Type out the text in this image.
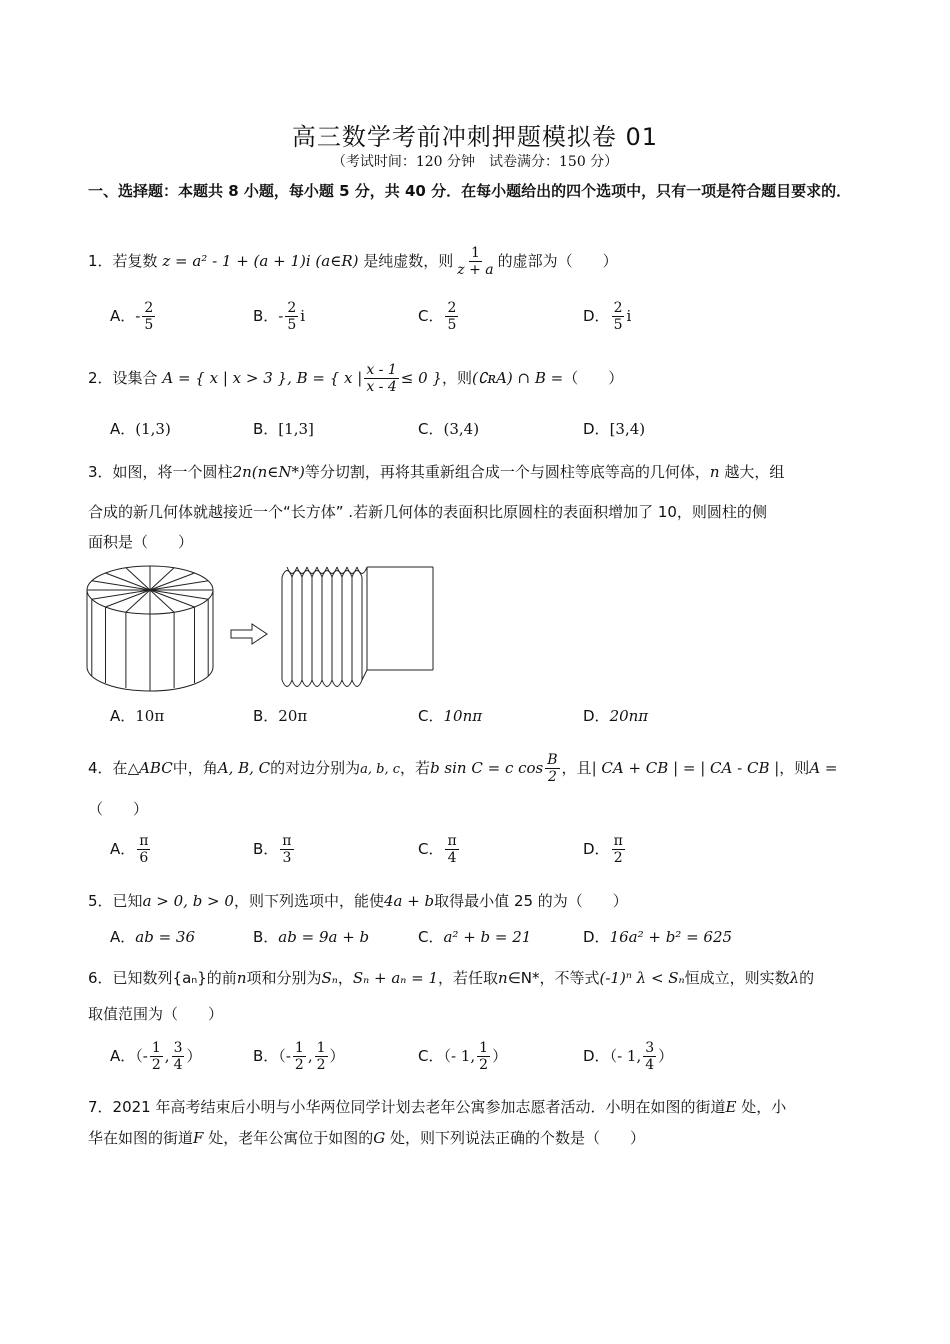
高三数学考前冲刺押题模拟卷 01
（考试时间：120 分钟　试卷满分：150 分）
一、选择题：本题共 8 小题，每小题 5 分，共 40 分．在每小题给出的四个选项中，只有一项是符合题目要求的．
1．若复数 z = a² - 1 + (a + 1)i (a∈R) 是纯虚数，则 $\frac{1}{z + a}$ 的虚部为（　　）
A．- $\frac{2}{5}$	B．- $\frac{2}{5}$ i	C． $\frac{2}{5}$	D． $\frac{2}{5}$ i
2．设集合 A = { x | x > 3 }, B = { x | $\frac{x - 1}{x - 4} \le 0$ }，则(∁ʀA) ∩ B =（　　）
A．(1,3)	B．[1,3]	C．(3,4)	D．[3,4)
3．如图，将一个圆柱2n(n∈N*)等分切割，再将其重新组合成一个与圆柱等底等高的几何体，n 越大，组
合成的新几何体就越接近一个“长方体” .若新几何体的表面积比原圆柱的表面积增加了 10，则圆柱的侧
面积是（　　）
A．10π	B．20π	C．10nπ	D．20nπ
4．在△ABC中，角A, B, C的对边分别为a, b, c，若b sin C = c $\cos \frac{B}{2}$ ，且| CA + CB | = | CA - CB |，则A =
（　　）
A． $\frac{\pi}{6}$	B． $\frac{\pi}{3}$	C． $\frac{\pi}{4}$	D． $\frac{\pi}{2}$
5．已知a > 0, b > 0，则下列选项中，能使4a + b取得最小值 25 的为（　　）
A．ab = 36	B．ab = 9a + b	C．a² + b = 21	D．16a² + b² = 625
6．已知数列{aₙ}的前n项和分别为Sₙ，Sₙ + aₙ = 1，若任取n∈N*，不等式(-1)ⁿ λ < Sₙ恒成立，则实数λ的
取值范围为（　　）
A．（- $\frac{1}{2}$ , $\frac{3}{4}$ ）	B．（- $\frac{1}{2}$ , $\frac{1}{2}$ ）	C．（- 1, $\frac{1}{2}$ ）	D．（- 1, $\frac{3}{4}$ ）
7．2021 年高考结束后小明与小华两位同学计划去老年公寓参加志愿者活动．小明在如图的街道E 处，小
华在如图的街道F 处，老年公寓位于如图的G 处，则下列说法正确的个数是（　　）
